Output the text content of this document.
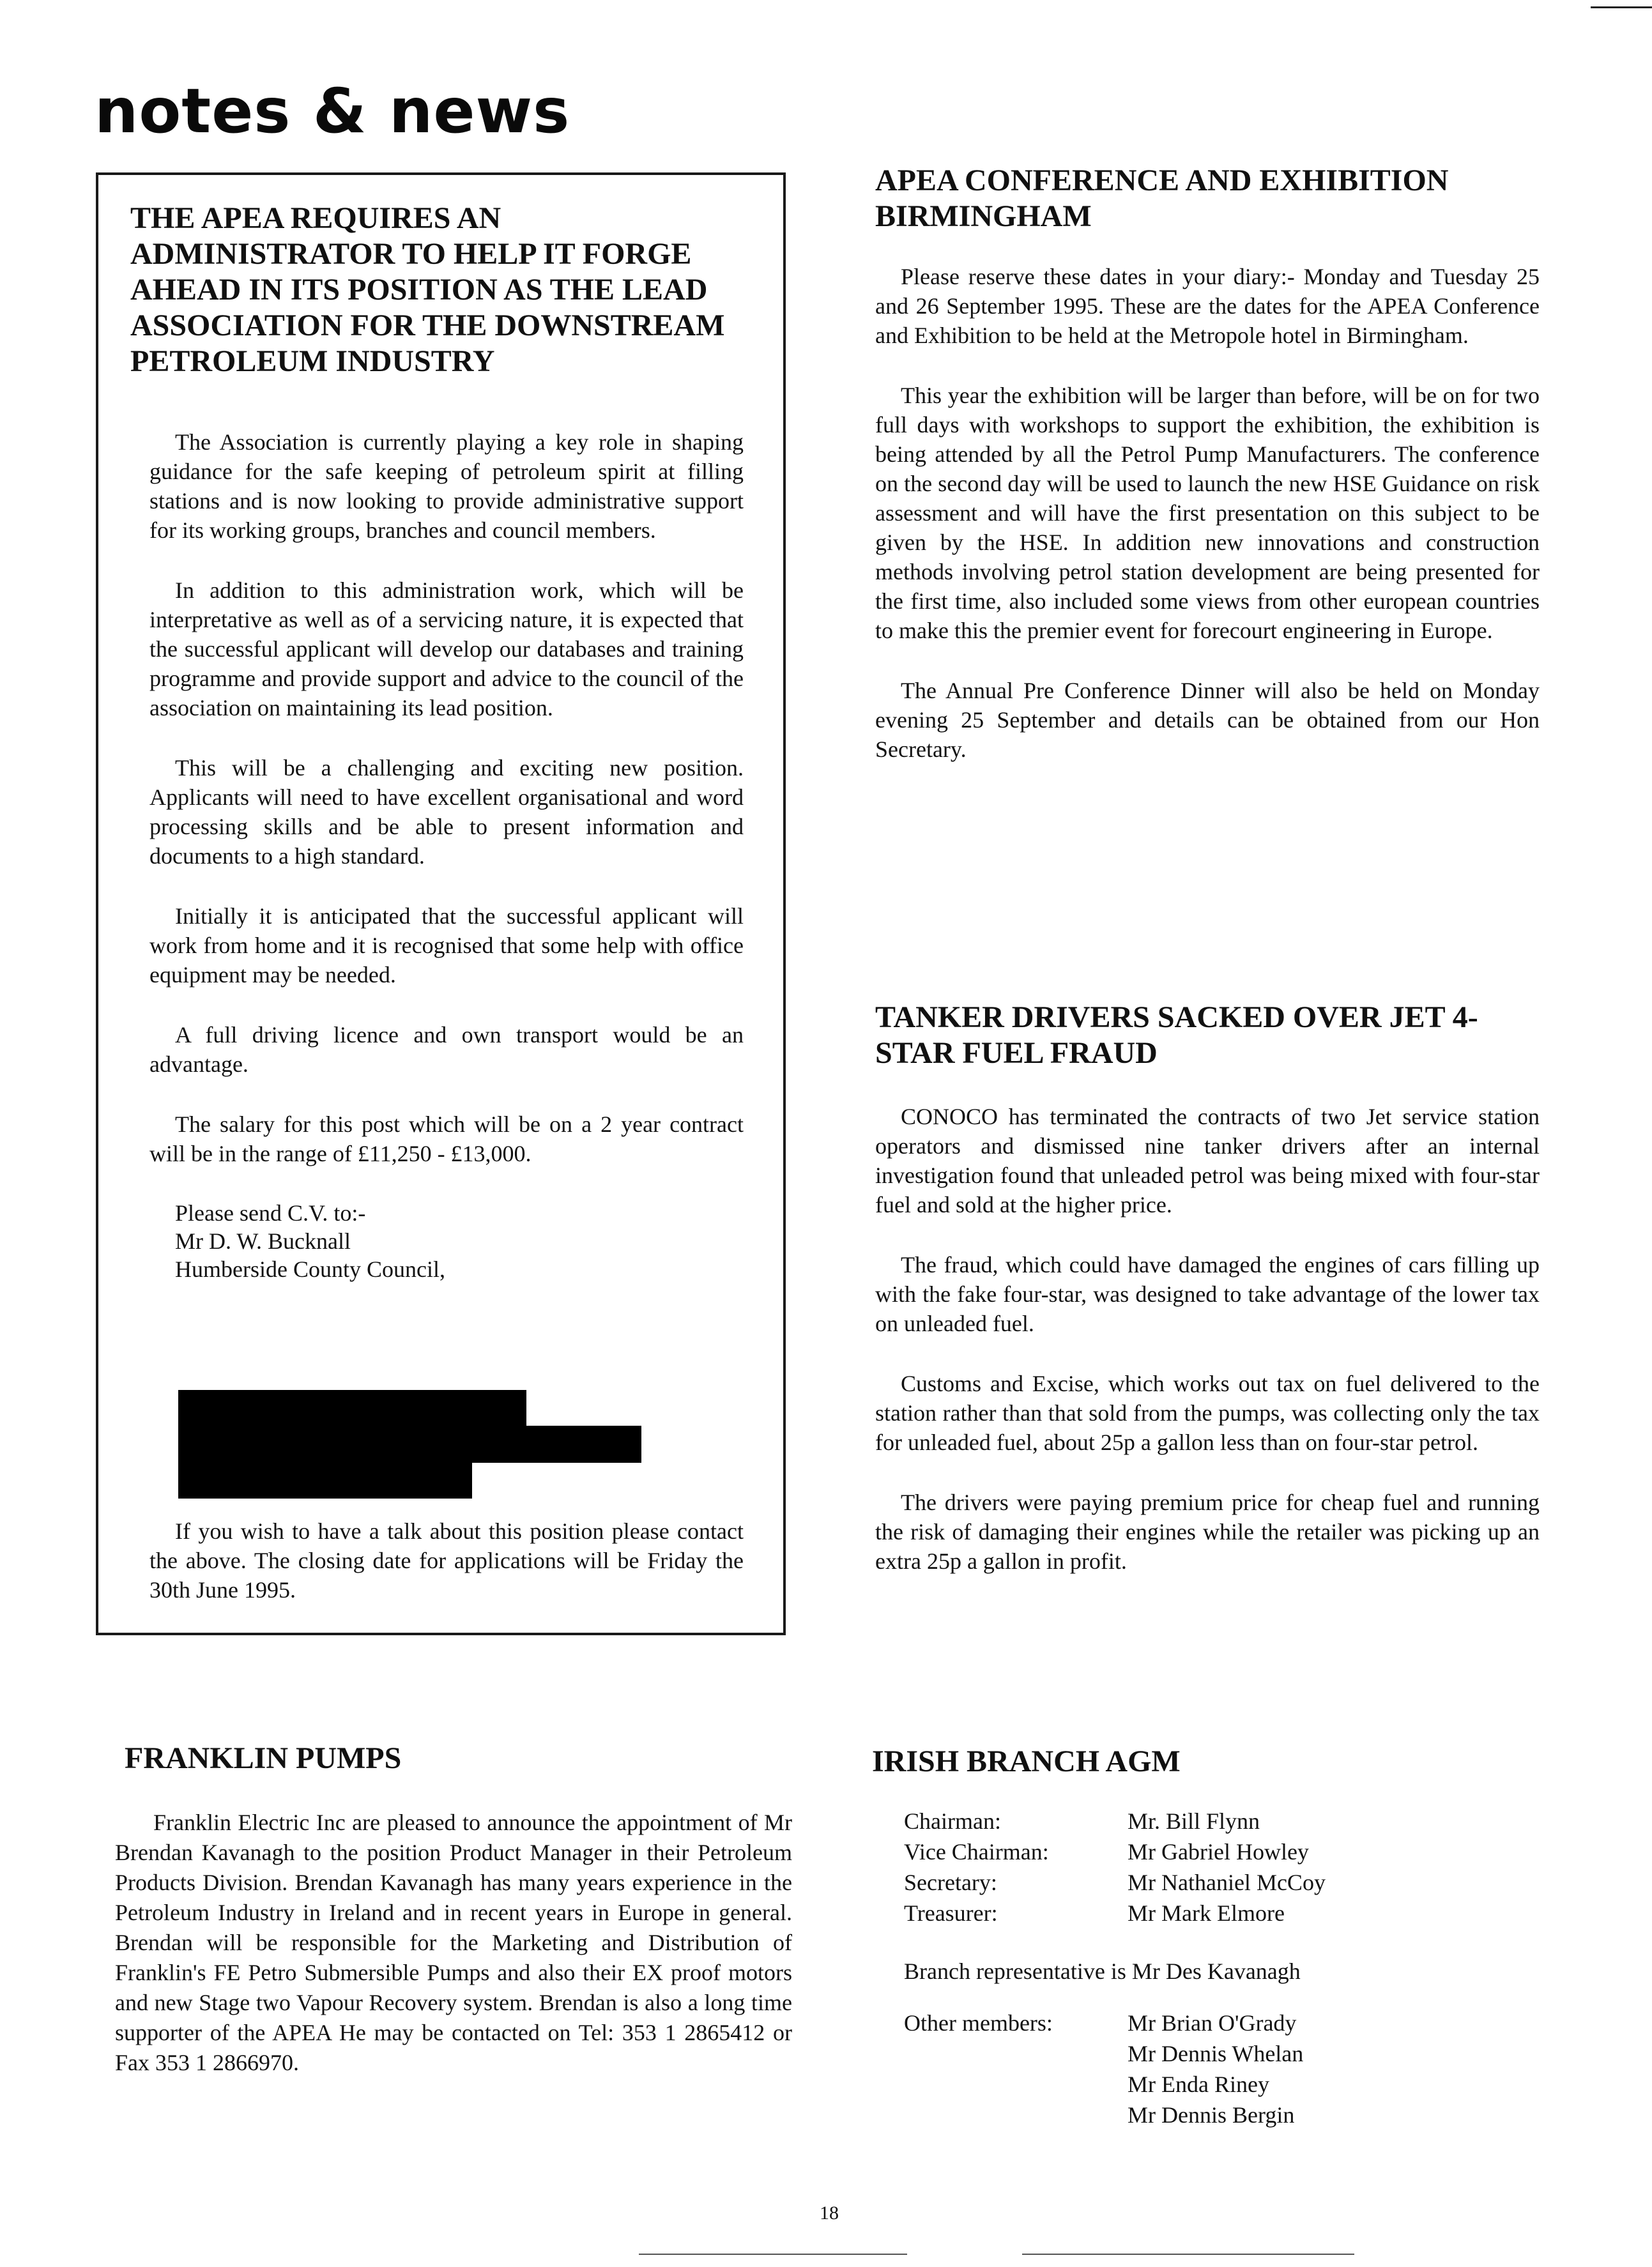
notes & news
THE APEA REQUIRES AN ADMINISTRATOR TO HELP IT FORGE AHEAD IN ITS POSITION AS THE LEAD ASSOCIATION FOR THE DOWNSTREAM PETROLEUM INDUSTRY

The Association is currently playing a key role in shaping guidance for the safe keeping of petroleum spirit at filling stations and is now looking to provide administrative support for its working groups, branches and council members.

In addition to this administration work, which will be interpretative as well as of a servicing nature, it is expected that the successful applicant will develop our databases and training programme and provide support and advice to the council of the association on maintaining its lead position.

This will be a challenging and exciting new position. Applicants will need to have excellent organisational and word processing skills and be able to present information and documents to a high standard.

Initially it is anticipated that the successful applicant will work from home and it is recognised that some help with office equipment may be needed.

A full driving licence and own transport would be an advantage.

The salary for this post which will be on a 2 year contract will be in the range of £11,250 - £13,000.

Please send C.V. to:-
Mr D. W. Bucknall
Humberside County Council,

If you wish to have a talk about this position please contact the above. The closing date for applications will be Friday the 30th June 1995.

APEA CONFERENCE AND EXHIBITION BIRMINGHAM

Please reserve these dates in your diary:- Monday and Tuesday 25 and 26 September 1995. These are the dates for the APEA Conference and Exhibition to be held at the Metropole hotel in Birmingham.

This year the exhibition will be larger than before, will be on for two full days with workshops to support the exhibition, the exhibition is being attended by all the Petrol Pump Manufacturers. The conference on the second day will be used to launch the new HSE Guidance on risk assessment and will have the first presentation on this subject to be given by the HSE. In addition new innovations and construction methods involving petrol station development are being presented for the first time, also included some views from other european countries to make this the premier event for forecourt engineering in Europe.

The Annual Pre Conference Dinner will also be held on Monday evening 25 September and details can be obtained from our Hon Secretary.

TANKER DRIVERS SACKED OVER JET 4-STAR FUEL FRAUD

CONOCO has terminated the contracts of two Jet service station operators and dismissed nine tanker drivers after an internal investigation found that unleaded petrol was being mixed with four-star fuel and sold at the higher price.

The fraud, which could have damaged the engines of cars filling up with the fake four-star, was designed to take advantage of the lower tax on unleaded fuel.

Customs and Excise, which works out tax on fuel delivered to the station rather than that sold from the pumps, was collecting only the tax for unleaded fuel, about 25p a gallon less than on four-star petrol.

The drivers were paying premium price for cheap fuel and running the risk of damaging their engines while the retailer was picking up an extra 25p a gallon in profit.

FRANKLIN PUMPS

Franklin Electric Inc are pleased to announce the appointment of Mr Brendan Kavanagh to the position Product Manager in their Petroleum Products Division. Brendan Kavanagh has many years experience in the Petroleum Industry in Ireland and in recent years in Europe in general. Brendan will be responsible for the Marketing and Distribution of Franklin's FE Petro Submersible Pumps and also their EX proof motors and new Stage two Vapour Recovery system. Brendan is also a long time supporter of the APEA He may be contacted on Tel: 353 1 2865412 or Fax 353 1 2866970.

IRISH BRANCH AGM
Chairman:	Mr. Bill Flynn
Vice Chairman:	Mr Gabriel Howley
Secretary:	Mr Nathaniel McCoy
Treasurer:	Mr Mark Elmore
Branch representative is Mr Des Kavanagh
Other members:	Mr Brian O'Grady
	Mr Dennis Whelan
	Mr Enda Riney
	Mr Dennis Bergin
18
